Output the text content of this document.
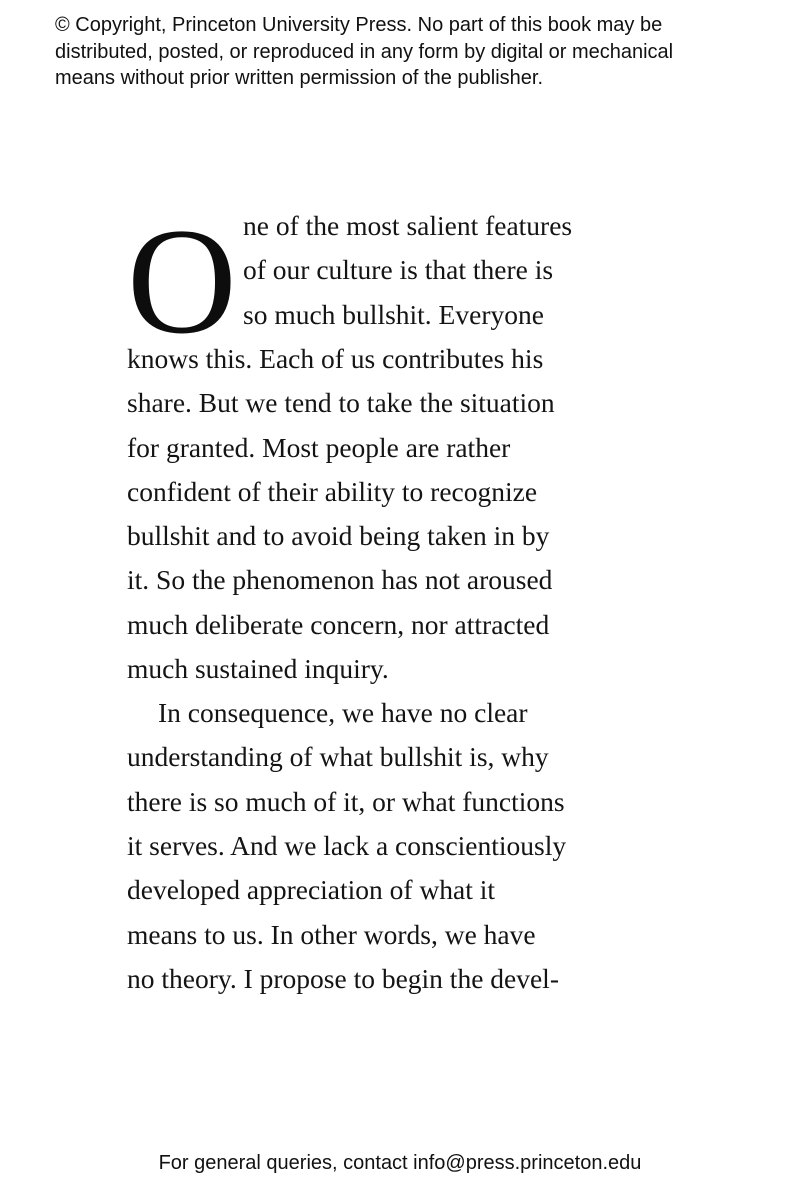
© Copyright, Princeton University Press. No part of this book may be
distributed, posted, or reproduced in any form by digital or mechanical
means without prior written permission of the publisher.
O ne of the most salient features
of our culture is that there is
so much bullshit. Everyone
knows this. Each of us contributes his
share. But we tend to take the situation
for granted. Most people are rather
confident of their ability to recognize
bullshit and to avoid being taken in by
it. So the phenomenon has not aroused
much deliberate concern, nor attracted
much sustained inquiry.
In consequence, we have no clear
understanding of what bullshit is, why
there is so much of it, or what functions
it serves. And we lack a conscientiously
developed appreciation of what it
means to us. In other words, we have
no theory. I propose to begin the devel-
For general queries, contact info@press.princeton.edu
